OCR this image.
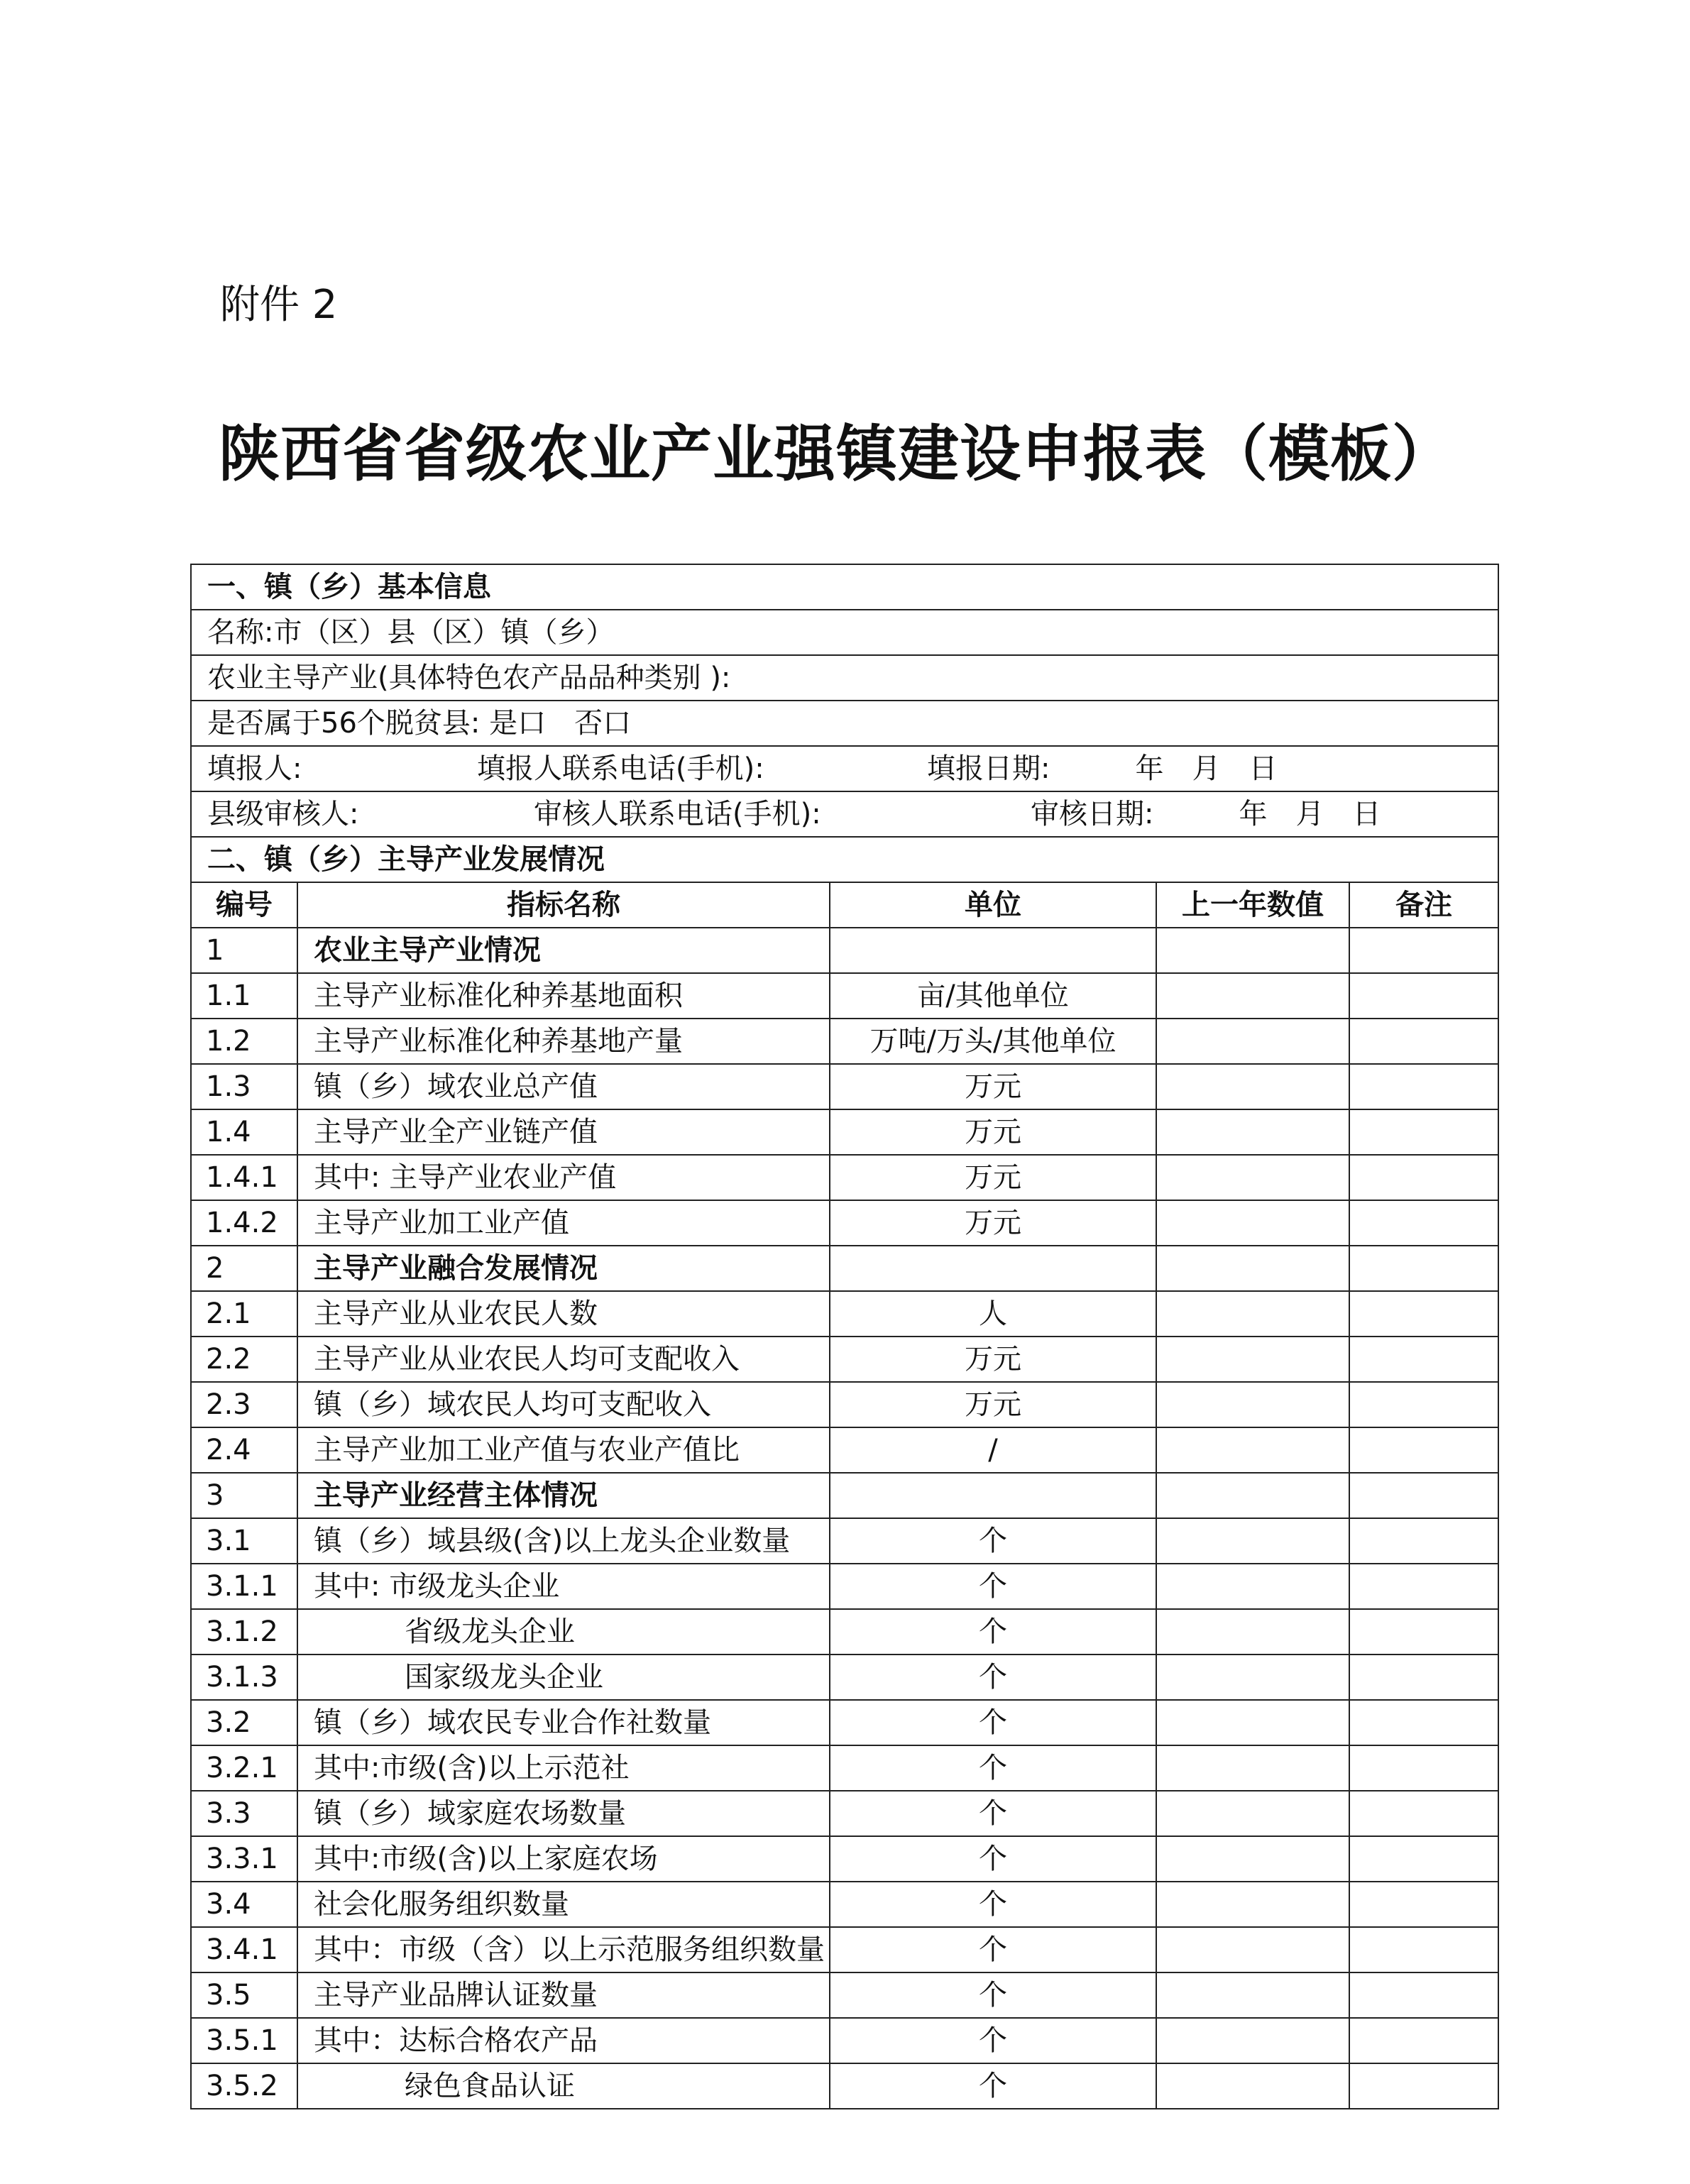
附件 2
陕西省省级农业产业强镇建设申报表（模板）
一、镇（乡）基本信息				
名称:市（区）县（区）镇（乡）				
农业主导产业(具体特色农产品品种类别 ):				
是否属于56个脱贫县: 是口　否口				
填报人: 填报人联系电话(手机): 填报日期:　　　年　月　日				
县级审核人: 审核人联系电话(手机): 审核日期:　　　年　月　日				
二、镇（乡）主导产业发展情况				
编号	指标名称	单位	上一年数值	备注
1	农业主导产业情况			
1.1	主导产业标准化种养基地面积	亩/其他单位		
1.2	主导产业标准化种养基地产量	万吨/万头/其他单位		
1.3	镇（乡）域农业总产值	万元		
1.4	主导产业全产业链产值	万元		
1.4.1	其中: 主导产业农业产值	万元		
1.4.2	主导产业加工业产值	万元		
2	主导产业融合发展情况			
2.1	主导产业从业农民人数	人		
2.2	主导产业从业农民人均可支配收入	万元		
2.3	镇（乡）域农民人均可支配收入	万元		
2.4	主导产业加工业产值与农业产值比	/		
3	主导产业经营主体情况			
3.1	镇（乡）域县级(含)以上龙头企业数量	个		
3.1.1	其中: 市级龙头企业	个		
3.1.2	省级龙头企业	个		
3.1.3	国家级龙头企业	个		
3.2	镇（乡）域农民专业合作社数量	个		
3.2.1	其中:市级(含)以上示范社	个		
3.3	镇（乡）域家庭农场数量	个		
3.3.1	其中:市级(含)以上家庭农场	个		
3.4	社会化服务组织数量	个		
3.4.1	其中：市级（含）以上示范服务组织数量	个		
3.5	主导产业品牌认证数量	个		
3.5.1	其中：达标合格农产品	个		
3.5.2	绿色食品认证	个		
